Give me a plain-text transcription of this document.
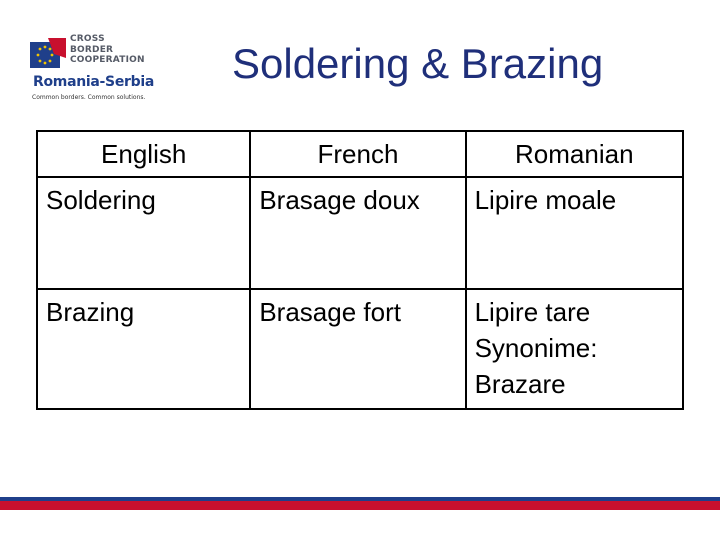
CROSS
BORDER
COOPERATION
Romania-Serbia
Common borders. Common solutions.
Soldering & Brazing
English	French	Romanian
Soldering	Brasage doux	Lipire moale

Brazing	Brasage fort	Lipire tare
Synonime:
Brazare
